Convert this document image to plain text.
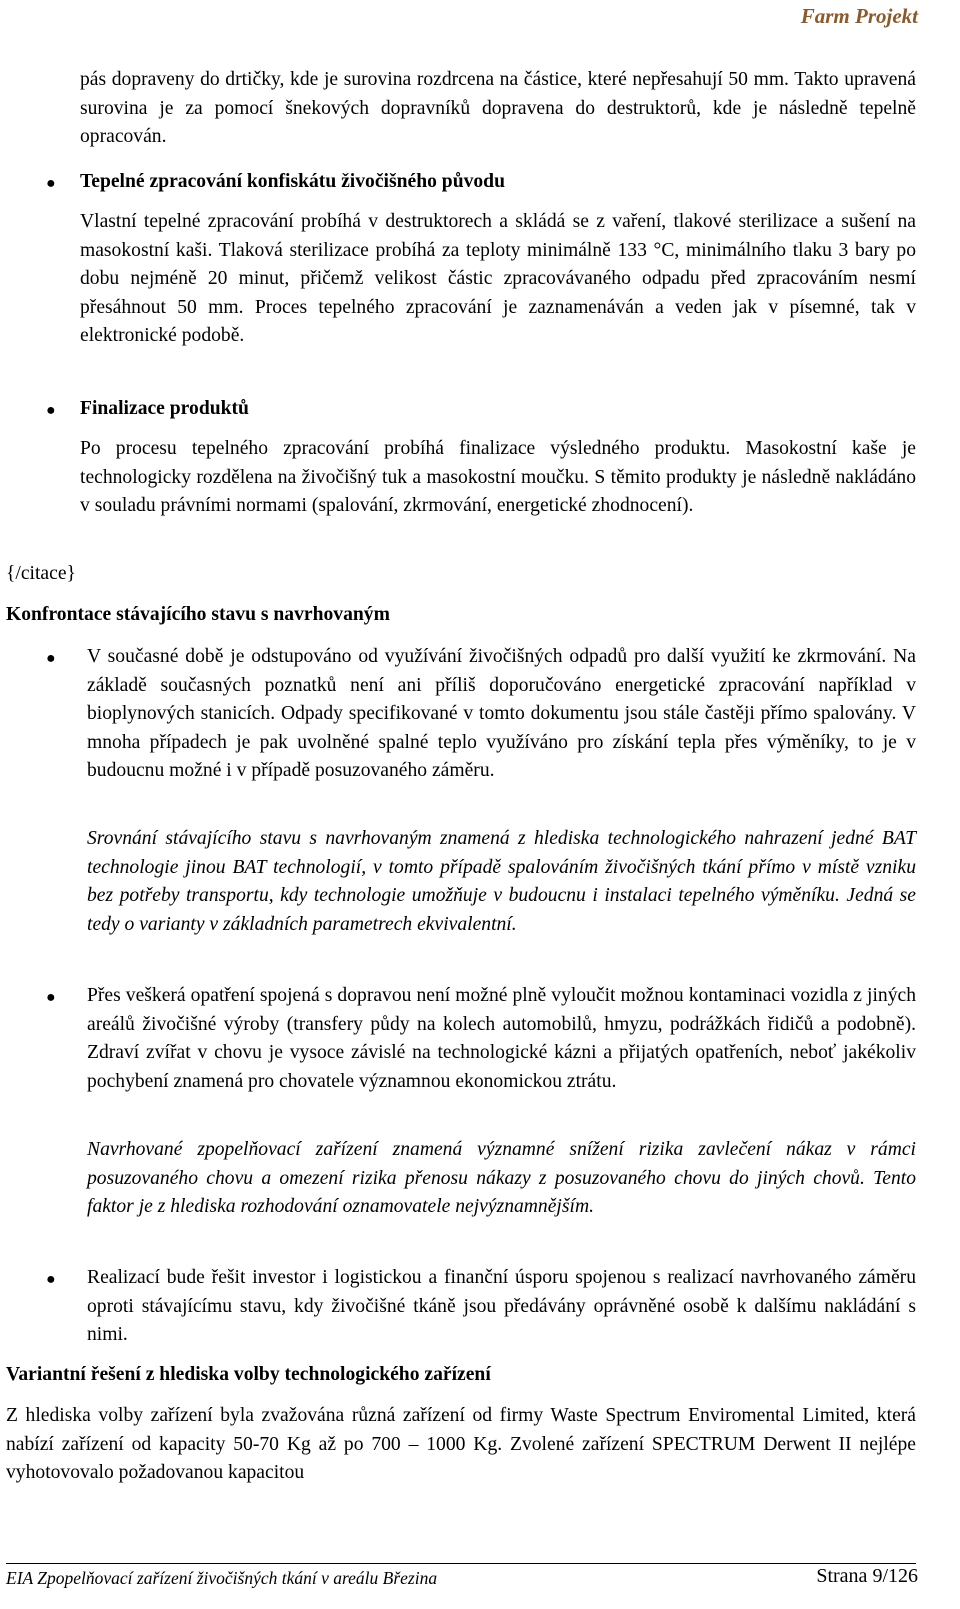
Farm Projekt

pás dopraveny do drtičky, kde je surovina rozdrcena na částice, které nepřesahují 50 mm. Takto upravená surovina je za pomocí šnekových dopravníků dopravena do destruktorů, kde je následně tepelně opracován.

● Tepelné zpracování konfiskátu živočišného původu

Vlastní tepelné zpracování probíhá v destruktorech a skládá se z vaření, tlakové sterilizace a sušení na masokostní kaši. Tlaková sterilizace probíhá za teploty minimálně 133 °C, minimálního tlaku 3 bary po dobu nejméně 20 minut, přičemž velikost částic zpracovávaného odpadu před zpracováním nesmí přesáhnout 50 mm. Proces tepelného zpracování je zaznamenáván a veden jak v písemné, tak v elektronické podobě.

● Finalizace produktů

Po procesu tepelného zpracování probíhá finalizace výsledného produktu. Masokostní kaše je technologicky rozdělena na živočišný tuk a masokostní moučku. S těmito produkty je následně nakládáno v souladu právními normami (spalování, zkrmování, energetické zhodnocení).

{/citace}
Konfrontace stávajícího stavu s navrhovaným
● V současné době je odstupováno od využívání živočišných odpadů pro další využití ke zkrmování. Na základě současných poznatků není ani příliš doporučováno energetické zpracování například v bioplynových stanicích. Odpady specifikované v tomto dokumentu jsou stále častěji přímo spalovány. V mnoha případech je pak uvolněné spalné teplo využíváno pro získání tepla přes výměníky, to je v budoucnu možné i v případě posuzovaného záměru.

Srovnání stávajícího stavu s navrhovaným znamená z hlediska technologického nahrazení jedné BAT technologie jinou BAT technologií, v tomto případě spalováním živočišných tkání přímo v místě vzniku bez potřeby transportu, kdy technologie umožňuje v budoucnu i instalaci tepelného výměníku. Jedná se tedy o varianty v základních parametrech ekvivalentní.

● Přes veškerá opatření spojená s dopravou není možné plně vyloučit možnou kontaminaci vozidla z jiných areálů živočišné výroby (transfery půdy na kolech automobilů, hmyzu, podrážkách řidičů a podobně). Zdraví zvířat v chovu je vysoce závislé na technologické kázni a přijatých opatřeních, neboť jakékoliv pochybení znamená pro chovatele významnou ekonomickou ztrátu.

Navrhované zpopelňovací zařízení znamená významné snížení rizika zavlečení nákaz v rámci posuzovaného chovu a omezení rizika přenosu nákazy z posuzovaného chovu do jiných chovů. Tento faktor je z hlediska rozhodování oznamovatele nejvýznamnějším.

● Realizací bude řešit investor i logistickou a finanční úsporu spojenou s realizací navrhovaného záměru oproti stávajícímu stavu, kdy živočišné tkáně jsou předávány oprávněné osobě k dalšímu nakládání s nimi.

Variantní řešení z hlediska volby technologického zařízení

Z hlediska volby zařízení byla zvažována různá zařízení od firmy Waste Spectrum Enviromental Limited, která nabízí zařízení od kapacity 50-70 Kg až po 700 – 1000 Kg. Zvolené zařízení SPECTRUM Derwent II nejlépe vyhotovovalo požadovanou kapacitou

EIA Zpopelňovací zařízení živočišných tkání v areálu Březina	Strana 9/126
